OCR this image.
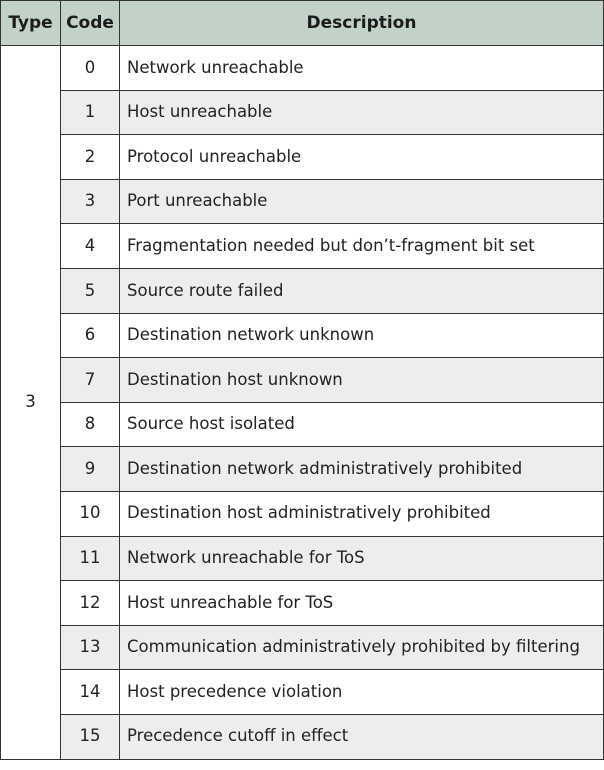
Type	Code	Description
3	0	Network unreachable
	1	Host unreachable
	2	Protocol unreachable
	3	Port unreachable
	4	Fragmentation needed but don’t-fragment bit set
	5	Source route failed
	6	Destination network unknown
	7	Destination host unknown
	8	Source host isolated
	9	Destination network administratively prohibited
	10	Destination host administratively prohibited
	11	Network unreachable for ToS
	12	Host unreachable for ToS
	13	Communication administratively prohibited by filtering
	14	Host precedence violation
	15	Precedence cutoff in effect
